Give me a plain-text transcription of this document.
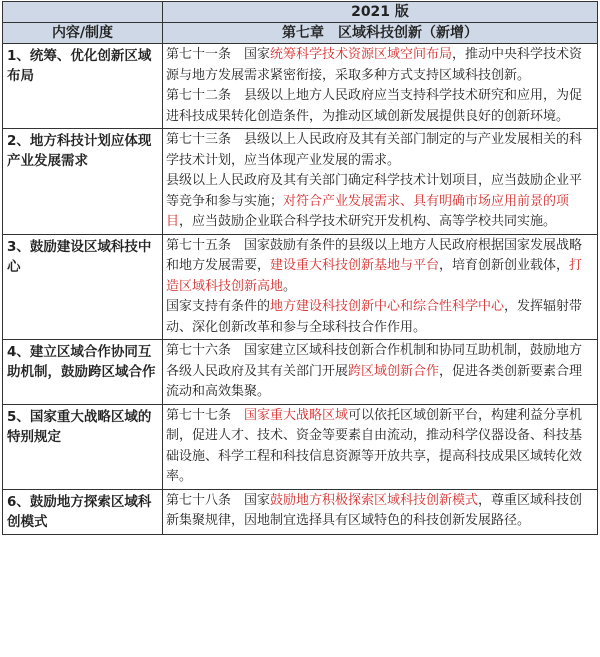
	2021 版
内容/制度	第七章　区域科技创新（新增）
1、统筹、优化创新区域布局	第七十一条　国家统筹科学技术资源区域空间布局，推动中央科学技术资源与地方发展需求紧密衔接，采取多种方式支持区域科技创新。

第七十二条　县级以上地方人民政府应当支持科学技术研究和应用，为促进科技成果转化创造条件，为推动区域创新发展提供良好的创新环境。

2、地方科技计划应体现产业发展需求	第七十三条　县级以上人民政府及其有关部门制定的与产业发展相关的科学技术计划，应当体现产业发展的需求。

县级以上人民政府及其有关部门确定科学技术计划项目，应当鼓励企业平等竞争和参与实施；对符合产业发展需求、具有明确市场应用前景的项目，应当鼓励企业联合科学技术研究开发机构、高等学校共同实施。

3、鼓励建设区域科技中心	第七十五条　国家鼓励有条件的县级以上地方人民政府根据国家发展战略和地方发展需要，建设重大科技创新基地与平台，培育创新创业载体，打造区域科技创新高地。

国家支持有条件的地方建设科技创新中心和综合性科学中心，发挥辐射带动、深化创新改革和参与全球科技合作作用。

4、建立区域合作协同互助机制，鼓励跨区域合作	第七十六条　国家建立区域科技创新合作机制和协同互助机制，鼓励地方各级人民政府及其有关部门开展跨区域创新合作，促进各类创新要素合理流动和高效集聚。

5、国家重大战略区域的特别规定	第七十七条　国家重大战略区域可以依托区域创新平台，构建利益分享机制，促进人才、技术、资金等要素自由流动，推动科学仪器设备、科技基础设施、科学工程和科技信息资源等开放共享，提高科技成果区域转化效率。

6、鼓励地方探索区域科创模式	第七十八条　国家鼓励地方积极探索区域科技创新模式，尊重区域科技创新集聚规律，因地制宜选择具有区域特色的科技创新发展路径。
